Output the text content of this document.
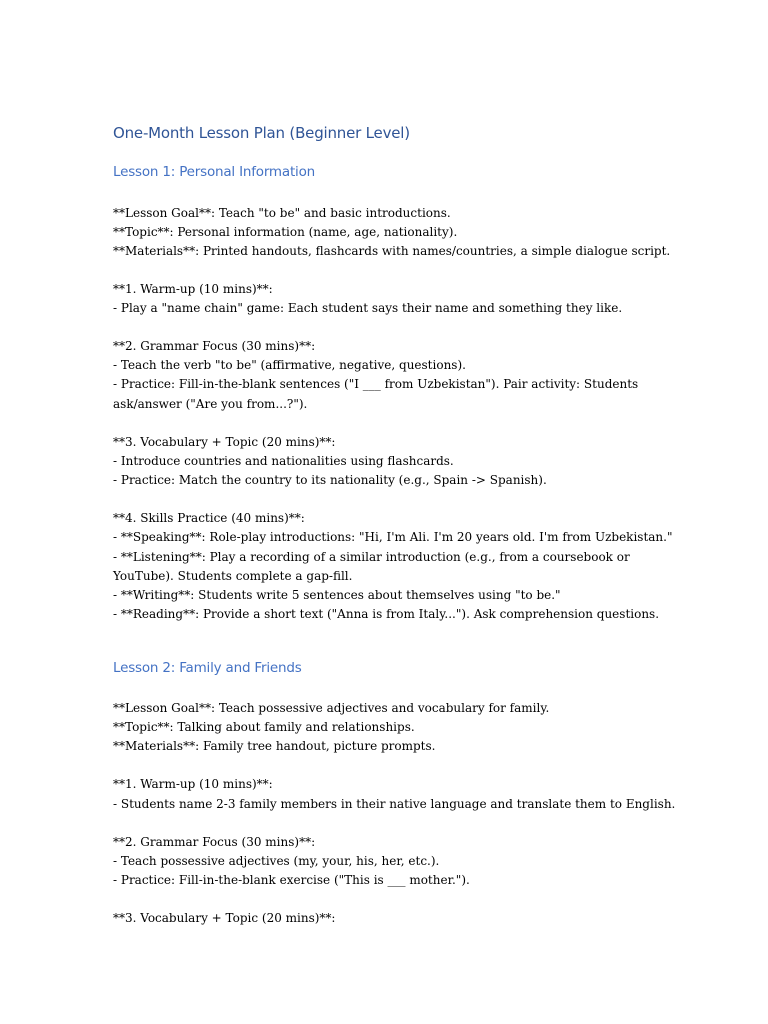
One-Month Lesson Plan (Beginner Level)
Lesson 1: Personal Information

**Lesson Goal**: Teach "to be" and basic introductions.

**Topic**: Personal information (name, age, nationality).

**Materials**: Printed handouts, flashcards with names/countries, a simple dialogue script.

**1. Warm-up (10 mins)**:

- Play a "name chain" game: Each student says their name and something they like.

**2. Grammar Focus (30 mins)**:

- Teach the verb "to be" (affirmative, negative, questions).

- Practice: Fill-in-the-blank sentences ("I ___ from Uzbekistan"). Pair activity: Students

ask/answer ("Are you from...?").

**3. Vocabulary + Topic (20 mins)**:

- Introduce countries and nationalities using flashcards.

- Practice: Match the country to its nationality (e.g., Spain -> Spanish).

**4. Skills Practice (40 mins)**:

- **Speaking**: Role-play introductions: "Hi, I'm Ali. I'm 20 years old. I'm from Uzbekistan."

- **Listening**: Play a recording of a similar introduction (e.g., from a coursebook or

YouTube). Students complete a gap-fill.

- **Writing**: Students write 5 sentences about themselves using "to be."

- **Reading**: Provide a short text ("Anna is from Italy..."). Ask comprehension questions.

Lesson 2: Family and Friends

**Lesson Goal**: Teach possessive adjectives and vocabulary for family.

**Topic**: Talking about family and relationships.

**Materials**: Family tree handout, picture prompts.

**1. Warm-up (10 mins)**:

- Students name 2-3 family members in their native language and translate them to English.

**2. Grammar Focus (30 mins)**:

- Teach possessive adjectives (my, your, his, her, etc.).

- Practice: Fill-in-the-blank exercise ("This is ___ mother.").

**3. Vocabulary + Topic (20 mins)**:
